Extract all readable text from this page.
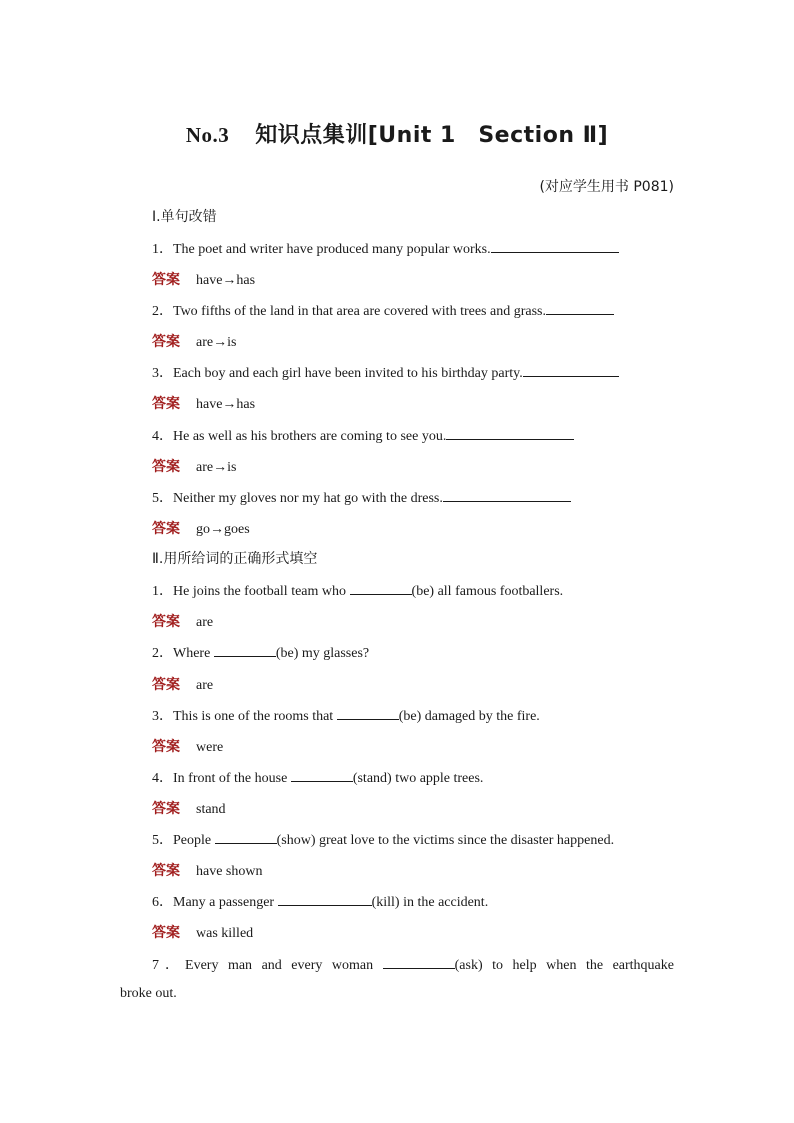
No.3 知识点集训[Unit 1　Section Ⅱ]
(对应学生用书 P081)
Ⅰ.单句改错
1．The poet and writer have produced many popular works.
答案 have→has
2．Two fifths of the land in that area are covered with trees and grass.
答案 are→is
3．Each boy and each girl have been invited to his birthday party.
答案 have→has
4．He as well as his brothers are coming to see you.
答案 are→is
5．Neither my gloves nor my hat go with the dress.
答案 go→goes
Ⅱ.用所给词的正确形式填空
1．He joins the football team who	(be) all famous footballers.
答案 are
2．Where	(be) my glasses?
答案 are
3．This is one of the rooms that	(be) damaged by the fire.
答案 were
4．In front of the house	(stand) two apple trees.
答案 stand
5．People	(show) great love to the victims since the disaster happened.
答案 have shown
6．Many a passenger	(kill) in the accident.
答案 was killed

7．Every man and every woman	(ask) to help when the earthquake

broke out.
